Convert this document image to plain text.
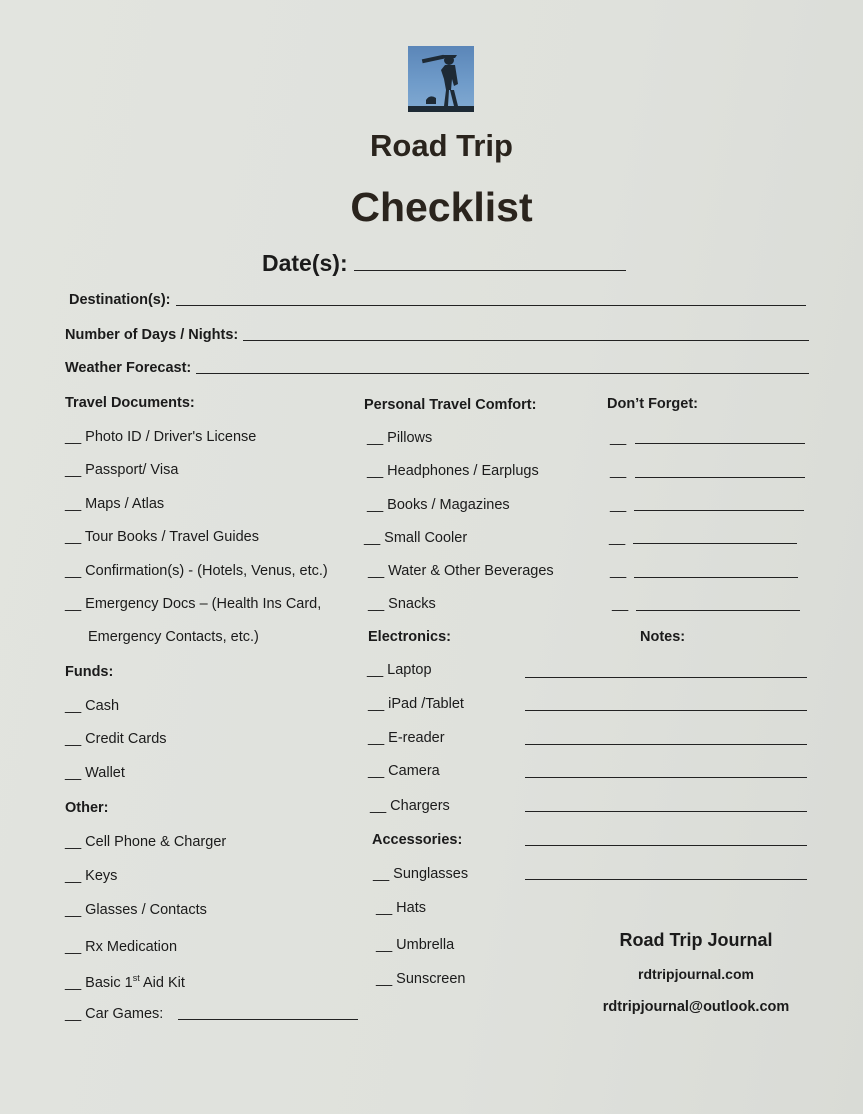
Road Trip
Checklist
Date(s):
Destination(s):
Number of Days / Nights:
Weather Forecast:
Travel Documents:
__ Photo ID / Driver's License
__ Passport/ Visa
__ Maps / Atlas
__ Tour Books / Travel Guides
__ Confirmation(s) - (Hotels, Venus, etc.)
__ Emergency Docs – (Health Ins Card,
Emergency Contacts, etc.)
Funds:
__ Cash
__ Credit Cards
__ Wallet
Other:
__ Cell Phone & Charger
__ Keys
__ Glasses / Contacts
__ Rx Medication
__ Basic 1st Aid Kit
__ Car Games:
Personal Travel Comfort:
__ Pillows
__ Headphones / Earplugs
__ Books / Magazines
__ Small Cooler
__ Water & Other Beverages
__ Snacks
Electronics:
__ Laptop
__ iPad /Tablet
__ E-reader
__ Camera
__ Chargers
Accessories:
__ Sunglasses
__ Hats
__ Umbrella
__ Sunscreen
Don’t Forget:
__
__
__
__
__
__
Notes:
Road Trip Journal
rdtripjournal.com
rdtripjournal@outlook.com
